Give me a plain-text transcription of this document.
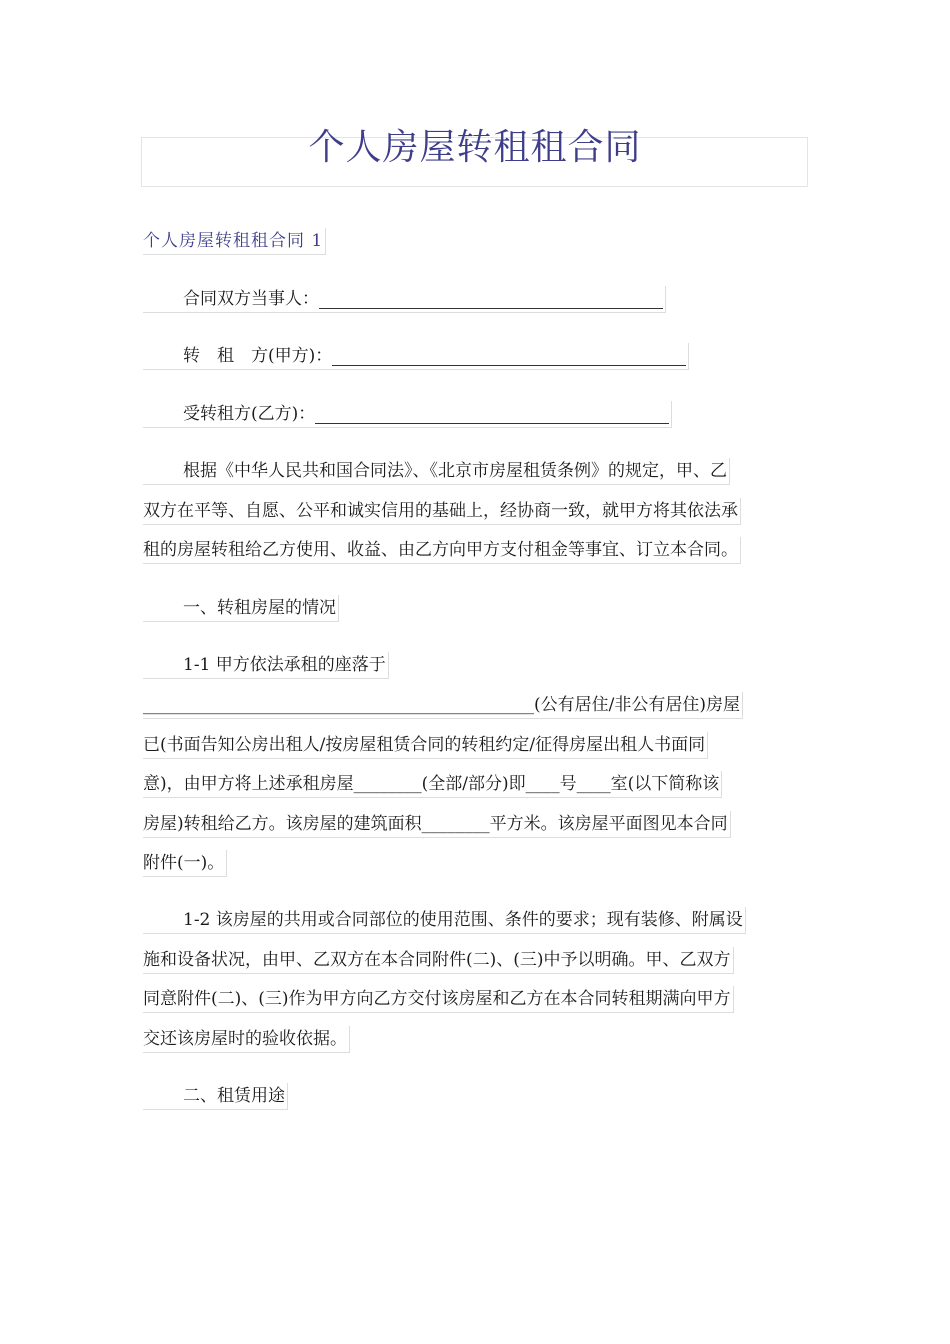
个人房屋转租租合同
个人房屋转租租合同 1
合同双方当事人：
转　租　方(甲方)：
受转租方(乙方)：
根据《中华人民共和国合同法》、《北京市房屋租赁条例》的规定，甲、乙
双方在平等、自愿、公平和诚实信用的基础上，经协商一致，就甲方将其依法承
租的房屋转租给乙方使用、收益、由乙方向甲方支付租金等事宜、订立本合同。
一、转租房屋的情况
1-1 甲方依法承租的座落于
______________________________________________(公有居住/非公有居住)房屋
已(书面告知公房出租人/按房屋租赁合同的转租约定/征得房屋出租人书面同
意)，由甲方将上述承租房屋________(全部/部分)即____号____室(以下简称该
房屋)转租给乙方。该房屋的建筑面积________平方米。该房屋平面图见本合同
附件(一)。
1-2 该房屋的共用或合同部位的使用范围、条件的要求；现有装修、附属设
施和设备状况，由甲、乙双方在本合同附件(二)、(三)中予以明确。甲、乙双方
同意附件(二)、(三)作为甲方向乙方交付该房屋和乙方在本合同转租期满向甲方
交还该房屋时的验收依据。
二、租赁用途
